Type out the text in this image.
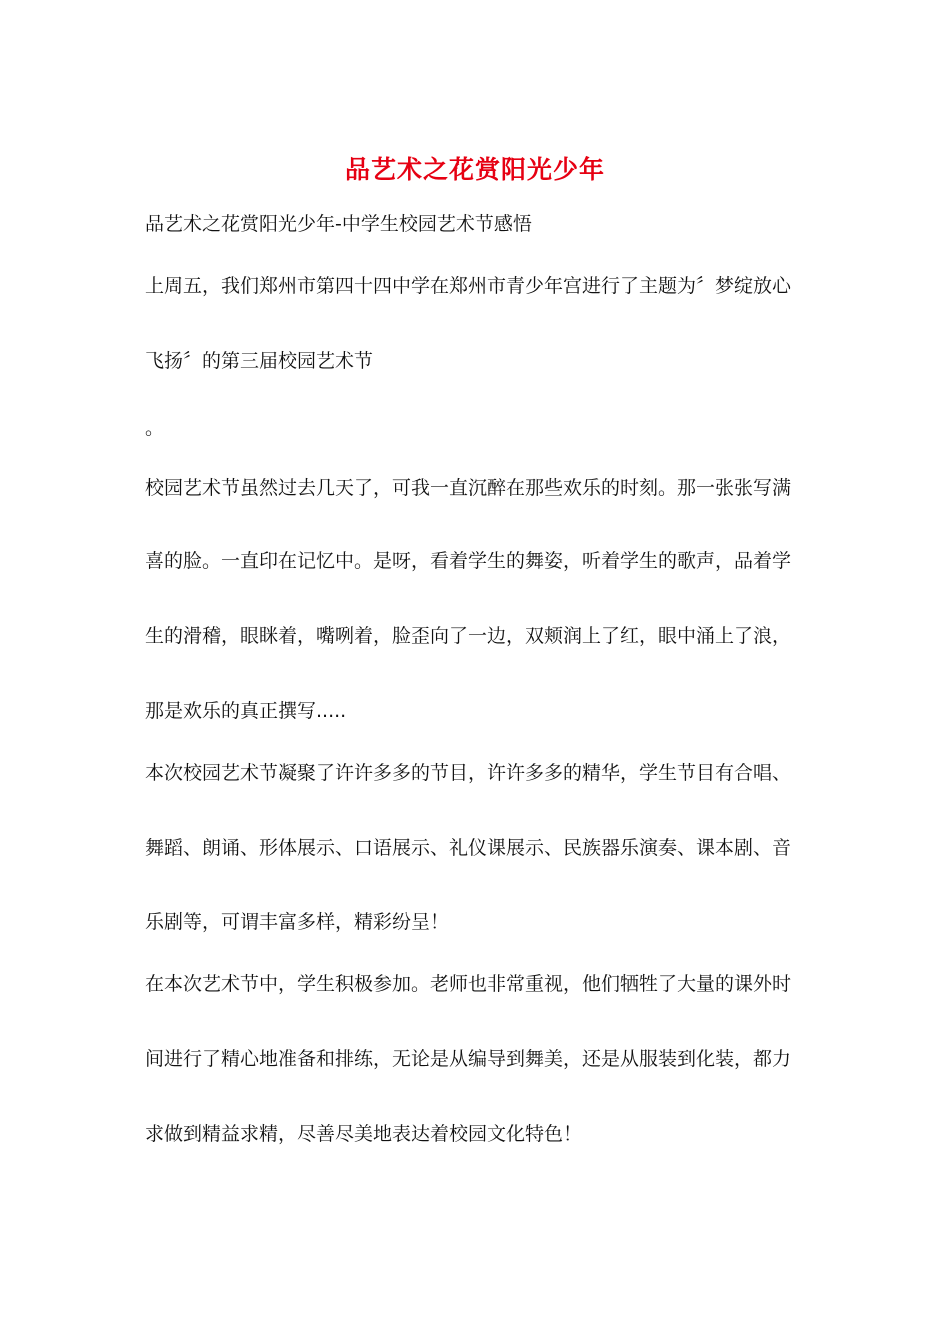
品艺术之花赏阳光少年
品艺术之花赏阳光少年-中学生校园艺术节感悟
上周五，我们郑州市第四十四中学在郑州市青少年宫进行了主题为〞梦绽放心
飞扬〞的第三届校园艺术节
。
校园艺术节虽然过去几天了，可我一直沉醉在那些欢乐的时刻。那一张张写满
喜的脸。一直印在记忆中。是呀，看着学生的舞姿，听着学生的歌声，品着学
生的滑稽，眼眯着，嘴咧着，脸歪向了一边，双颊润上了红，眼中涌上了浪，
那是欢乐的真正撰写.....
本次校园艺术节凝聚了许许多多的节目，许许多多的精华，学生节目有合唱、
舞蹈、朗诵、形体展示、口语展示、礼仪课展示、民族器乐演奏、课本剧、音
乐剧等，可谓丰富多样，精彩纷呈！
在本次艺术节中，学生积极参加。老师也非常重视，他们牺牲了大量的课外时
间进行了精心地准备和排练，无论是从编导到舞美，还是从服装到化装，都力
求做到精益求精，尽善尽美地表达着校园文化特色！
